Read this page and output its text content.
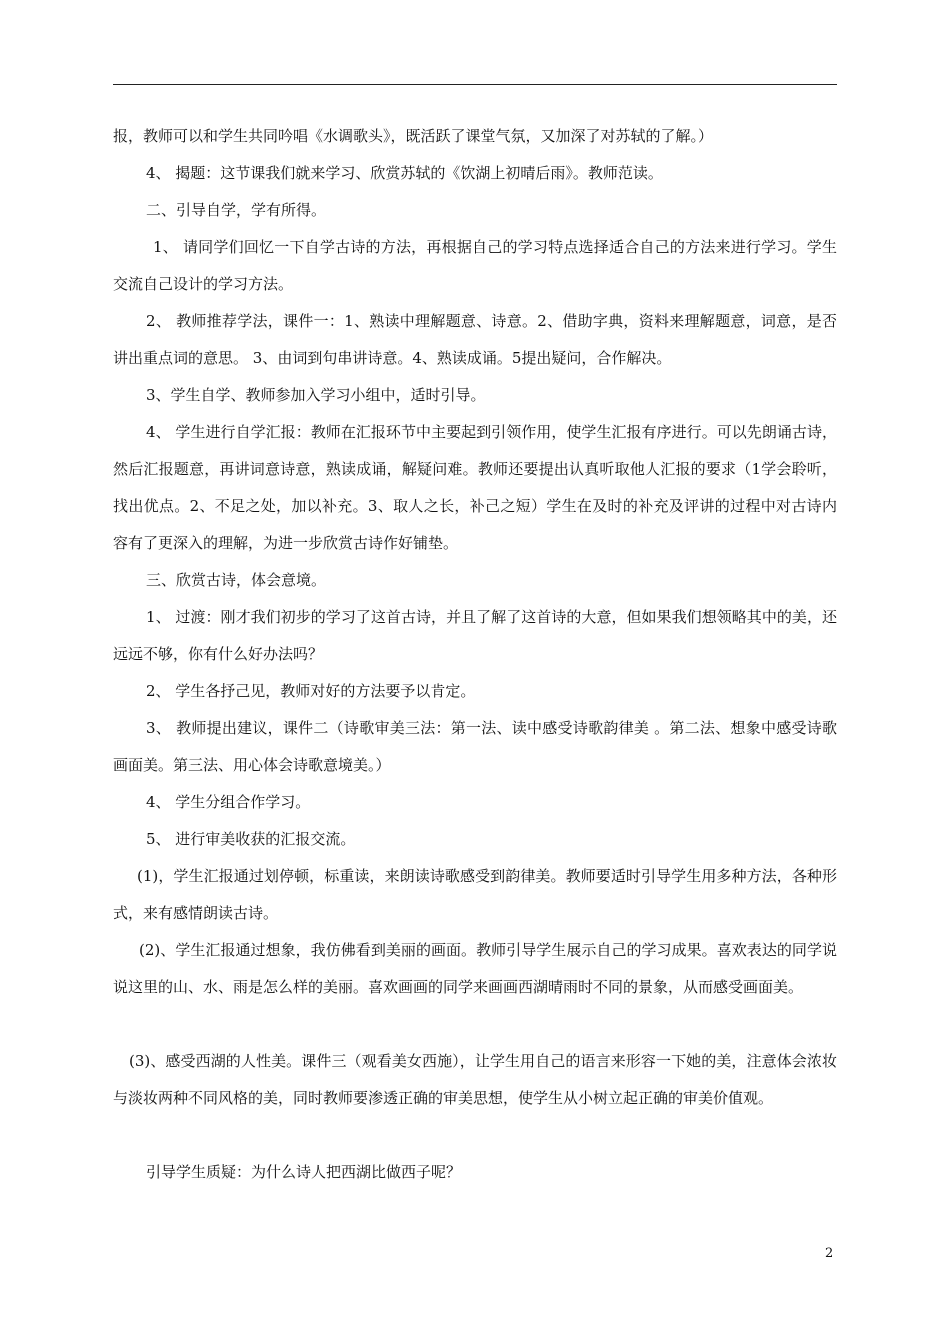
报，教师可以和学生共同吟唱《水调歌头》，既活跃了课堂气氛，又加深了对苏轼的了解。）

4、 揭题：这节课我们就来学习、欣赏苏轼的《饮湖上初晴后雨》。教师范读。

二、引导自学，学有所得。

1、 请同学们回忆一下自学古诗的方法，再根据自己的学习特点选择适合自己的方法来进行学习。学生交流自己设计的学习方法。

2、 教师推荐学法，课件一：1、熟读中理解题意、诗意。2、借助字典，资料来理解题意，词意，是否讲出重点词的意思。 3、由词到句串讲诗意。4、熟读成诵。5提出疑问，合作解决。

3、学生自学、教师参加入学习小组中，适时引导。

4、 学生进行自学汇报：教师在汇报环节中主要起到引领作用，使学生汇报有序进行。可以先朗诵古诗，然后汇报题意，再讲词意诗意，熟读成诵，解疑问难。教师还要提出认真听取他人汇报的要求（1学会聆听，找出优点。2、不足之处，加以补充。3、取人之长，补己之短）学生在及时的补充及评讲的过程中对古诗内容有了更深入的理解，为进一步欣赏古诗作好铺垫。

三、欣赏古诗，体会意境。

1、 过渡：刚才我们初步的学习了这首古诗，并且了解了这首诗的大意，但如果我们想领略其中的美，还远远不够，你有什么好办法吗？

2、 学生各抒己见，教师对好的方法要予以肯定。

3、 教师提出建议，课件二（诗歌审美三法：第一法、读中感受诗歌韵律美 。第二法、想象中感受诗歌画面美。第三法、用心体会诗歌意境美。）

4、 学生分组合作学习。

5、 进行审美收获的汇报交流。

(1)，学生汇报通过划停顿，标重读，来朗读诗歌感受到韵律美。教师要适时引导学生用多种方法，各种形式，来有感情朗读古诗。

(2)、学生汇报通过想象，我仿佛看到美丽的画面。教师引导学生展示自己的学习成果。喜欢表达的同学说说这里的山、水、雨是怎么样的美丽。喜欢画画的同学来画画西湖晴雨时不同的景象，从而感受画面美。

(3)、感受西湖的人性美。课件三（观看美女西施），让学生用自己的语言来形容一下她的美，注意体会浓妆与淡妆两种不同风格的美，同时教师要渗透正确的审美思想，使学生从小树立起正确的审美价值观。

引导学生质疑：为什么诗人把西湖比做西子呢？

2
